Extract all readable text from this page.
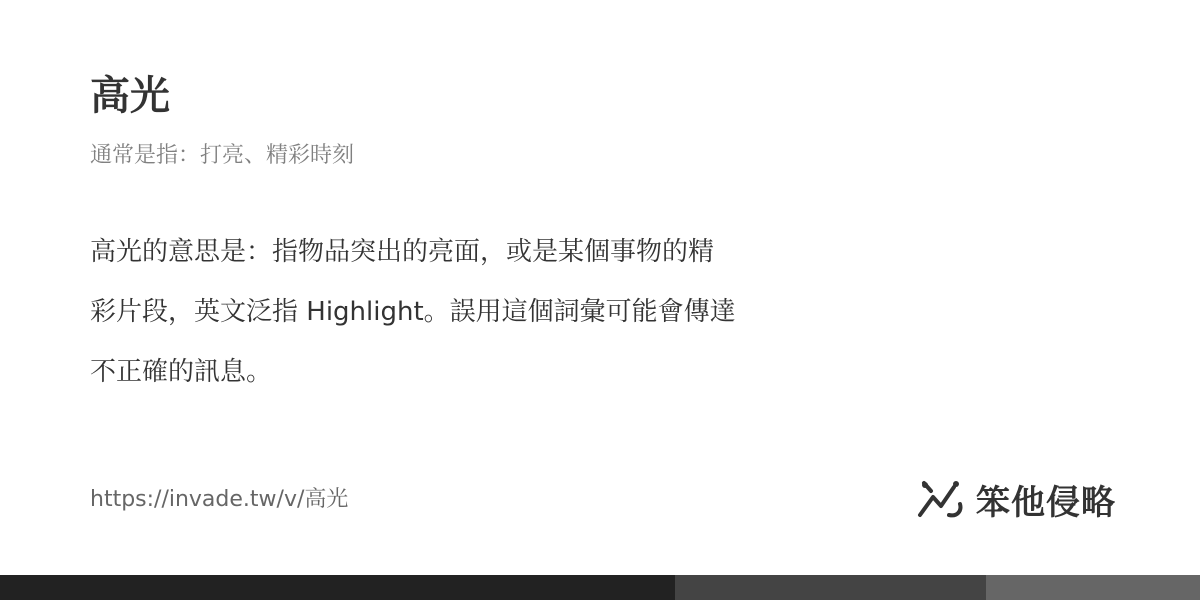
高光

通常是指：打亮、精彩時刻

高光的意思是：指物品突出的亮面，或是某個事物的精
彩片段，英文泛指 Highlight。誤用這個詞彙可能會傳達
不正確的訊息。

https://invade.tw/v/高光	笨他侵略
